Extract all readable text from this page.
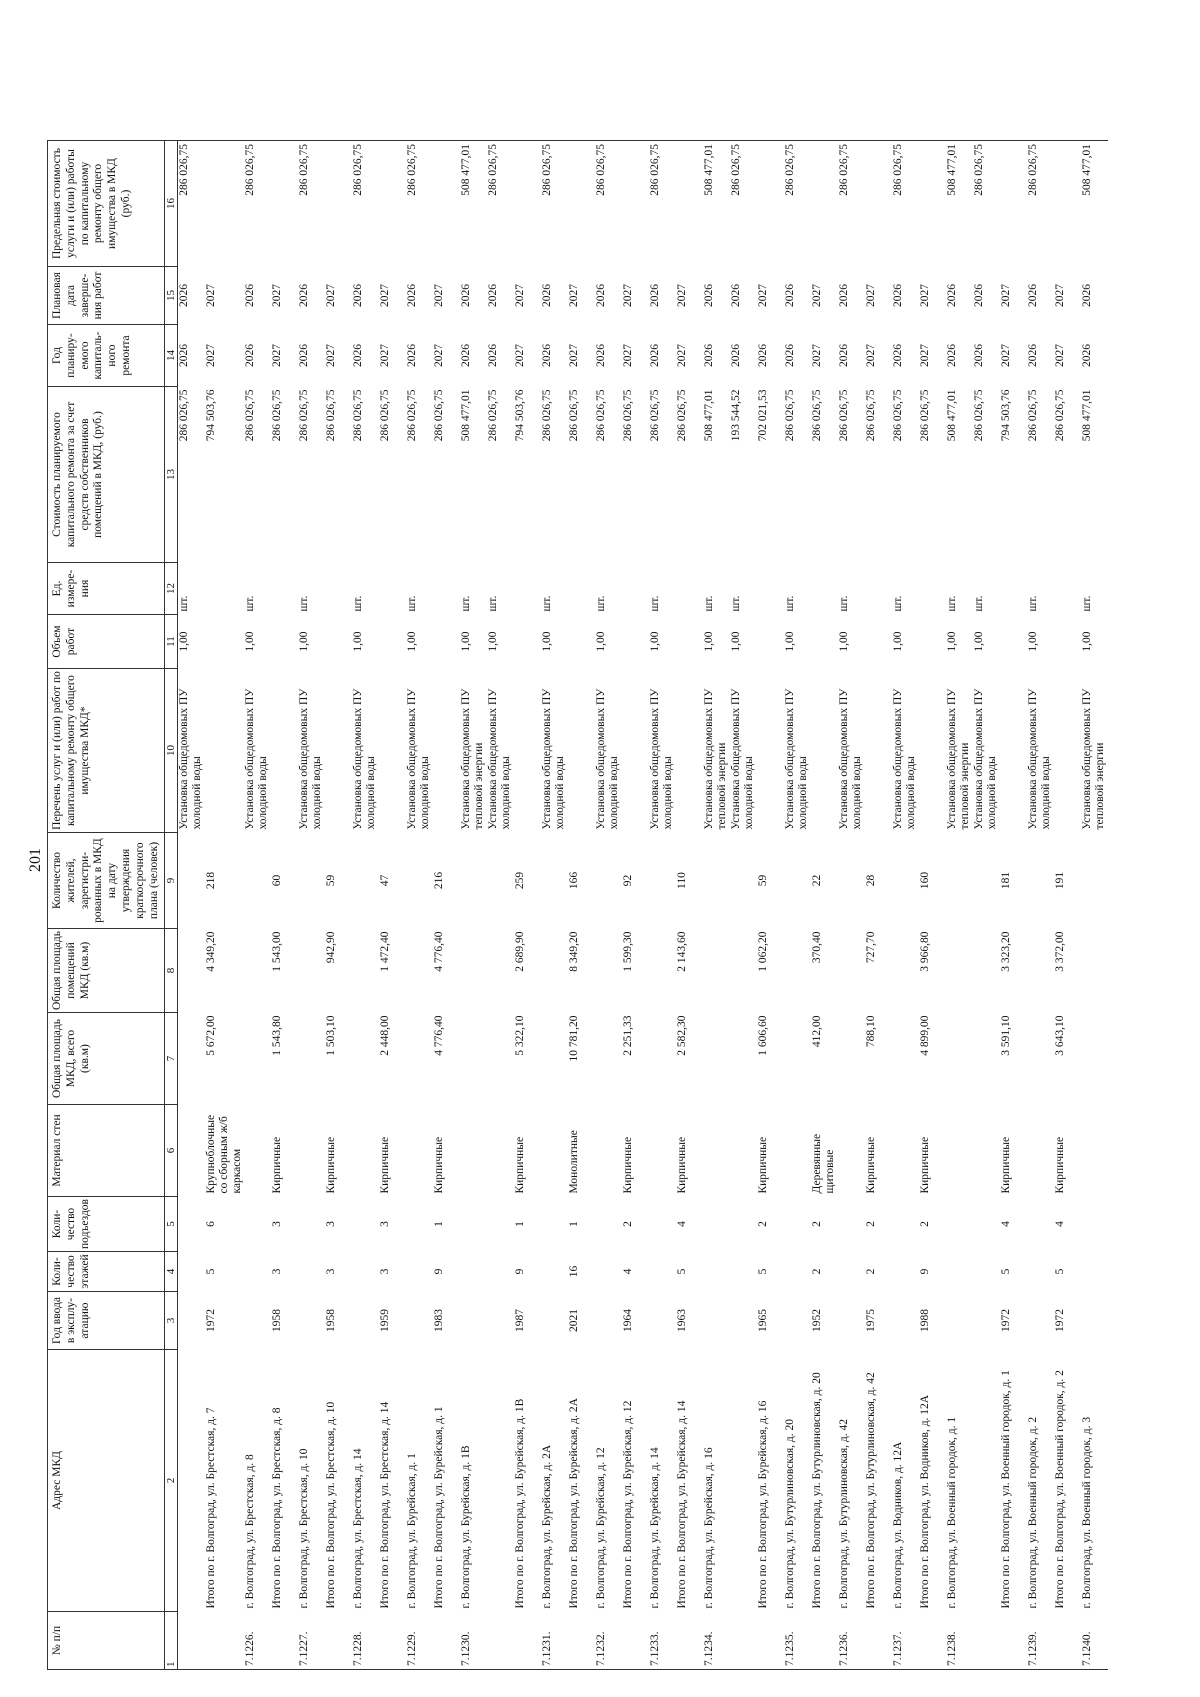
201
№ п/п	Адрес МКД	Год ввода в эксплу-атацию	Коли-чество этажей	Коли-чество подъездов	Материал стен	Общая площадь МКД, всего (кв.м)	Общая площадь помещений МКД (кв.м)	Количество жителей, зарегистри-рованных в МКД на дату утверждения краткосрочного плана (человек)	Перечень услуг и (или) работ по капитальному ремонту общего имущества МКД*	Объем работ	Ед. измере-ния	Стоимость планируемого капитального ремонта за счет средств собственников помещений в МКД, (руб.)	Год планиру-емого капиталь-ного ремонта	Плановая дата заверше-ния работ	Предельная стоимость услуги и (или) работы по капитальному ремонту общего имущества в МКД (руб.)
1	2	3	4	5	6	7	8	9	10	11	12	13	14	15	16

									Установка общедомовых ПУ холодной воды	1,00	шт.	286 026,75	2026	2026	286 026,75
	Итого по г. Волгоград, ул. Брестская, д. 7	1972	5	6	Крупноблочные со сборным ж/б каркасом	5 672,00	4 349,20	218				794 503,76	2027	2027	
7.1226.	г. Волгоград, ул. Брестская, д. 8								Установка общедомовых ПУ холодной воды	1,00	шт.	286 026,75	2026	2026	286 026,75
	Итого по г. Волгоград, ул. Брестская, д. 8	1958	3	3	Кирпичные	1 543,80	1 543,00	60				286 026,75	2027	2027	
7.1227.	г. Волгоград, ул. Брестская, д. 10								Установка общедомовых ПУ холодной воды	1,00	шт.	286 026,75	2026	2026	286 026,75
	Итого по г. Волгоград, ул. Брестская, д. 10	1958	3	3	Кирпичные	1 503,10	942,90	59				286 026,75	2027	2027	
7.1228.	г. Волгоград, ул. Брестская, д. 14								Установка общедомовых ПУ холодной воды	1,00	шт.	286 026,75	2026	2026	286 026,75
	Итого по г. Волгоград, ул. Брестская, д. 14	1959	3	3	Кирпичные	2 448,00	1 472,40	47				286 026,75	2027	2027	
7.1229.	г. Волгоград, ул. Бурейская, д. 1								Установка общедомовых ПУ холодной воды	1,00	шт.	286 026,75	2026	2026	286 026,75
	Итого по г. Волгоград, ул. Бурейская, д. 1	1983	9	1	Кирпичные	4 776,40	4 776,40	216				286 026,75	2027	2027	
7.1230.	г. Волгоград, ул. Бурейская, д. 1В								Установка общедомовых ПУ тепловой энергии	1,00	шт.	508 477,01	2026	2026	508 477,01

									Установка общедомовых ПУ холодной воды	1,00	шт.	286 026,75	2026	2026	286 026,75
	Итого по г. Волгоград, ул. Бурейская, д. 1В	1987	9	1	Кирпичные	5 322,10	2 689,90	259				794 503,76	2027	2027	
7.1231.	г. Волгоград, ул. Бурейская, д. 2А								Установка общедомовых ПУ холодной воды	1,00	шт.	286 026,75	2026	2026	286 026,75
	Итого по г. Волгоград, ул. Бурейская, д. 2А	2021	16	1	Монолитные	10 781,20	8 349,20	166				286 026,75	2027	2027	
7.1232.	г. Волгоград, ул. Бурейская, д. 12								Установка общедомовых ПУ холодной воды	1,00	шт.	286 026,75	2026	2026	286 026,75
	Итого по г. Волгоград, ул. Бурейская, д. 12	1964	4	2	Кирпичные	2 251,33	1 599,30	92				286 026,75	2027	2027	
7.1233.	г. Волгоград, ул. Бурейская, д. 14								Установка общедомовых ПУ холодной воды	1,00	шт.	286 026,75	2026	2026	286 026,75
	Итого по г. Волгоград, ул. Бурейская, д. 14	1963	5	4	Кирпичные	2 582,30	2 143,60	110				286 026,75	2027	2027	
7.1234.	г. Волгоград, ул. Бурейская, д. 16								Установка общедомовых ПУ тепловой энергии	1,00	шт.	508 477,01	2026	2026	508 477,01

									Установка общедомовых ПУ холодной воды	1,00	шт.	193 544,52	2026	2026	286 026,75
	Итого по г. Волгоград, ул. Бурейская, д. 16	1965	5	2	Кирпичные	1 606,60	1 062,20	59				702 021,53	2026	2027	
7.1235.	г. Волгоград, ул. Бутурлиновская, д. 20								Установка общедомовых ПУ холодной воды	1,00	шт.	286 026,75	2026	2026	286 026,75
	Итого по г. Волгоград, ул. Бутурлиновская, д. 20	1952	2	2	Деревянные щитовые	412,00	370,40	22				286 026,75	2027	2027	
7.1236.	г. Волгоград, ул. Бутурлиновская, д. 42								Установка общедомовых ПУ холодной воды	1,00	шт.	286 026,75	2026	2026	286 026,75
	Итого по г. Волгоград, ул. Бутурлиновская, д. 42	1975	2	2	Кирпичные	788,10	727,70	28				286 026,75	2027	2027	
7.1237.	г. Волгоград, ул. Водников, д. 12А								Установка общедомовых ПУ холодной воды	1,00	шт.	286 026,75	2026	2026	286 026,75
	Итого по г. Волгоград, ул. Водников, д. 12А	1988	9	2	Кирпичные	4 899,00	3 966,80	160				286 026,75	2027	2027	
7.1238.	г. Волгоград, ул. Военный городок, д. 1								Установка общедомовых ПУ тепловой энергии	1,00	шт.	508 477,01	2026	2026	508 477,01

									Установка общедомовых ПУ холодной воды	1,00	шт.	286 026,75	2026	2026	286 026,75
	Итого по г. Волгоград, ул. Военный городок, д. 1	1972	5	4	Кирпичные	3 591,10	3 323,20	181				794 503,76	2027	2027	
7.1239.	г. Волгоград, ул. Военный городок, д. 2								Установка общедомовых ПУ холодной воды	1,00	шт.	286 026,75	2026	2026	286 026,75
	Итого по г. Волгоград, ул. Военный городок, д. 2	1972	5	4	Кирпичные	3 643,10	3 372,00	191				286 026,75	2027	2027	
7.1240.	г. Волгоград, ул. Военный городок, д. 3								Установка общедомовых ПУ тепловой энергии	1,00	шт.	508 477,01	2026	2026	508 477,01
